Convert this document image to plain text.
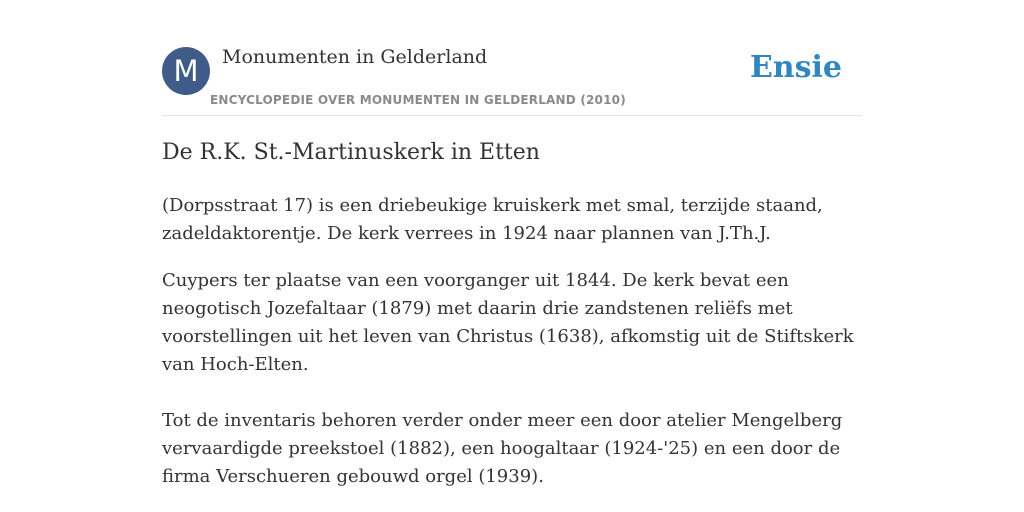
M	Monumenten in Gelderland
ENCYCLOPEDIE OVER MONUMENTEN IN GELDERLAND (2010)
Ensie
De R.K. St.-Martinuskerk in Etten

(Dorpsstraat 17) is een driebeukige kruiskerk met smal, terzijde staand, zadeldaktorentje. De kerk verrees in 1924 naar plannen van J.Th.J.

Cuypers ter plaatse van een voorganger uit 1844. De kerk bevat een neogotisch Jozefaltaar (1879) met daarin drie zandstenen reliëfs met voorstellingen uit het leven van Christus (1638), afkomstig uit de Stiftskerk van Hoch-Elten.

Tot de inventaris behoren verder onder meer een door atelier Mengelberg vervaardigde preekstoel (1882), een hoogaltaar (1924-'25) en een door de firma Verschueren gebouwd orgel (1939).
